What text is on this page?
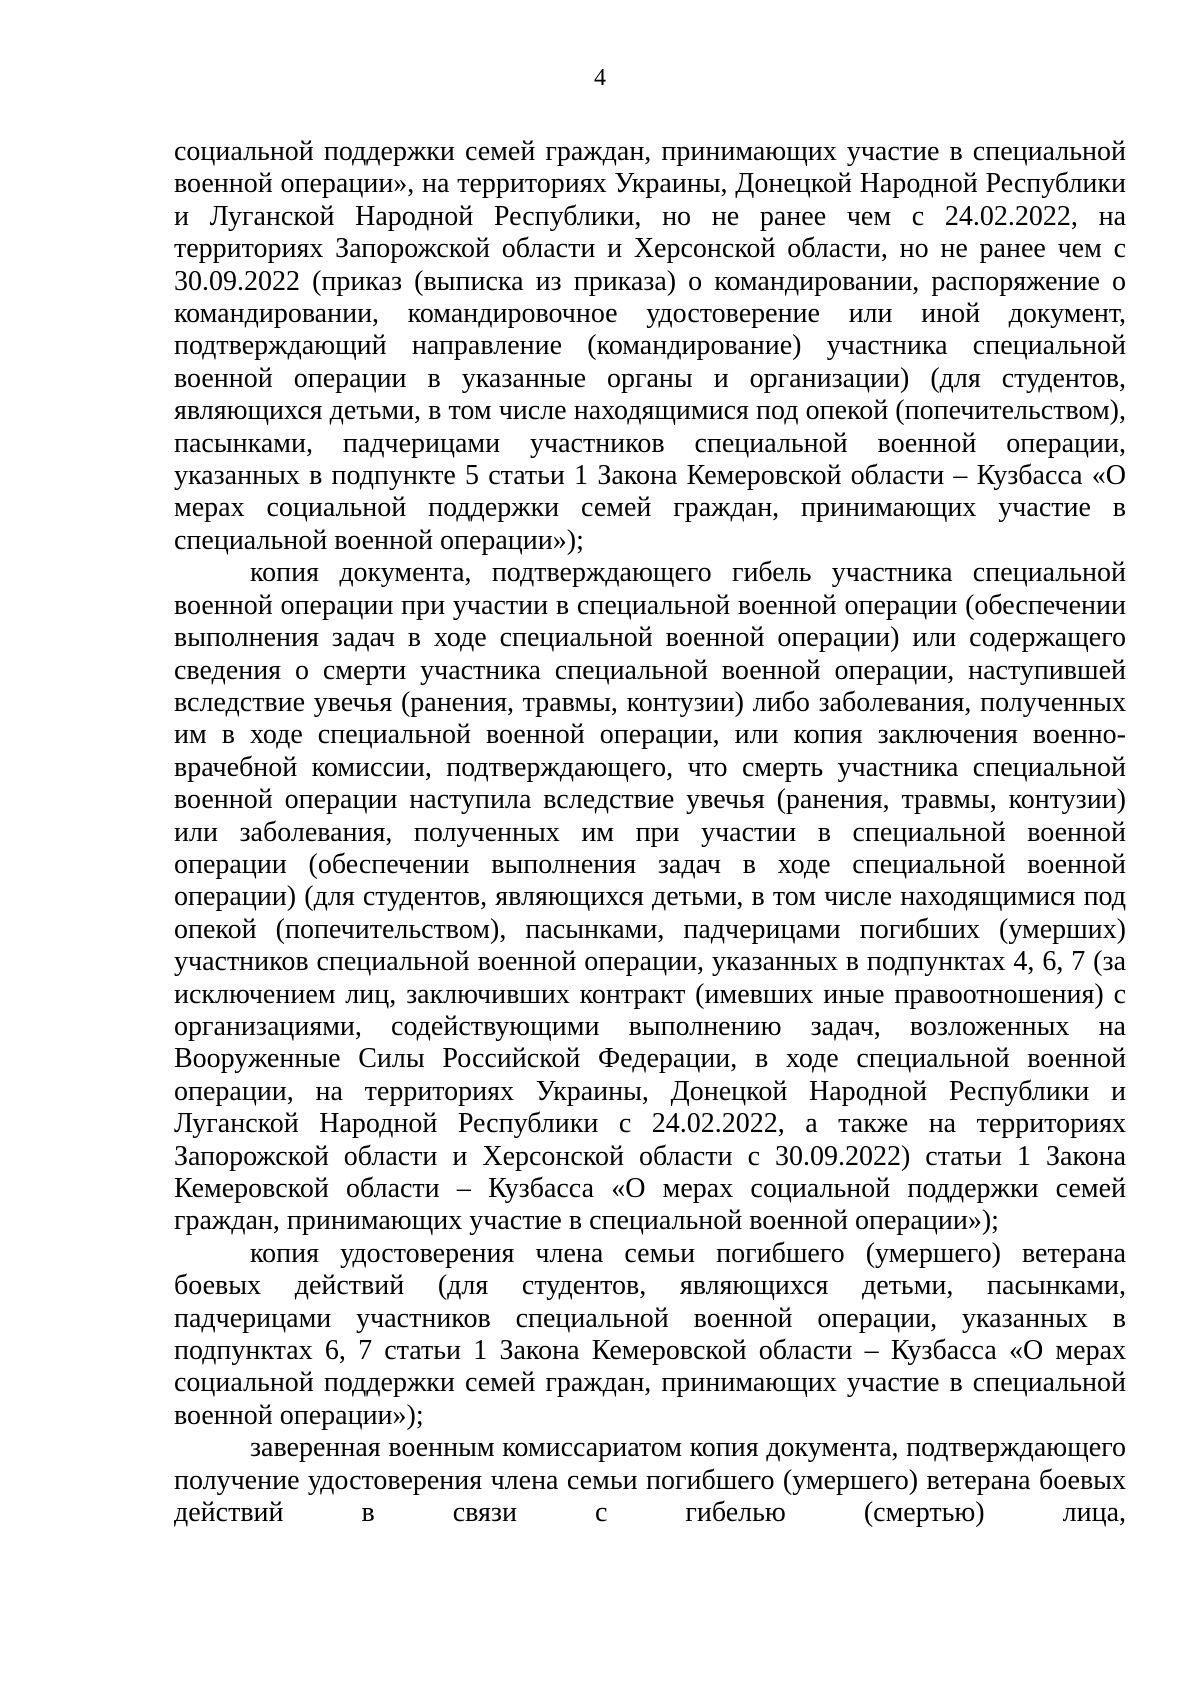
4

социальной поддержки семей граждан, принимающих участие в специальной военной операции», на территориях Украины, Донецкой Народной Республики и Луганской Народной Республики, но не ранее чем с 24.02.2022, на территориях Запорожской области и Херсонской области, но не ранее чем с 30.09.2022 (приказ (выписка из приказа) о командировании, распоряжение о командировании, командировочное удостоверение или иной документ, подтверждающий направление (командирование) участника специальной военной операции в указанные органы и организации) (для студентов, являющихся детьми, в том числе находящимися под опекой (попечительством), пасынками, падчерицами участников специальной военной операции, указанных в подпункте 5 статьи 1 Закона Кемеровской области – Кузбасса «О мерах социальной поддержки семей граждан, принимающих участие в специальной военной операции»);

копия документа, подтверждающего гибель участника специальной военной операции при участии в специальной военной операции (обеспечении выполнения задач в ходе специальной военной операции) или содержащего сведения о смерти участника специальной военной операции, наступившей вследствие увечья (ранения, травмы, контузии) либо заболевания, полученных им в ходе специальной военной операции, или копия заключения военно-врачебной комиссии, подтверждающего, что смерть участника специальной военной операции наступила вследствие увечья (ранения, травмы, контузии) или заболевания, полученных им при участии в специальной военной операции (обеспечении выполнения задач в ходе специальной военной операции) (для студентов, являющихся детьми, в том числе находящимися под опекой (попечительством), пасынками, падчерицами погибших (умерших) участников специальной военной операции, указанных в подпунктах 4, 6, 7 (за исключением лиц, заключивших контракт (имевших иные правоотношения) с организациями, содействующими выполнению задач, возложенных на Вооруженные Силы Российской Федерации, в ходе специальной военной операции, на территориях Украины, Донецкой Народной Республики и Луганской Народной Республики с 24.02.2022, а также на территориях Запорожской области и Херсонской области с 30.09.2022) статьи 1 Закона Кемеровской области – Кузбасса «О мерах социальной поддержки семей граждан, принимающих участие в специальной военной операции»);

копия удостоверения члена семьи погибшего (умершего) ветерана боевых действий (для студентов, являющихся детьми, пасынками, падчерицами участников специальной военной операции, указанных в подпунктах 6, 7 статьи 1 Закона Кемеровской области – Кузбасса «О мерах социальной поддержки семей граждан, принимающих участие в специальной военной операции»);

заверенная военным комиссариатом копия документа, подтверждающего получение удостоверения члена семьи погибшего (умершего) ветерана боевых действий в связи с гибелью (смертью) лица,
